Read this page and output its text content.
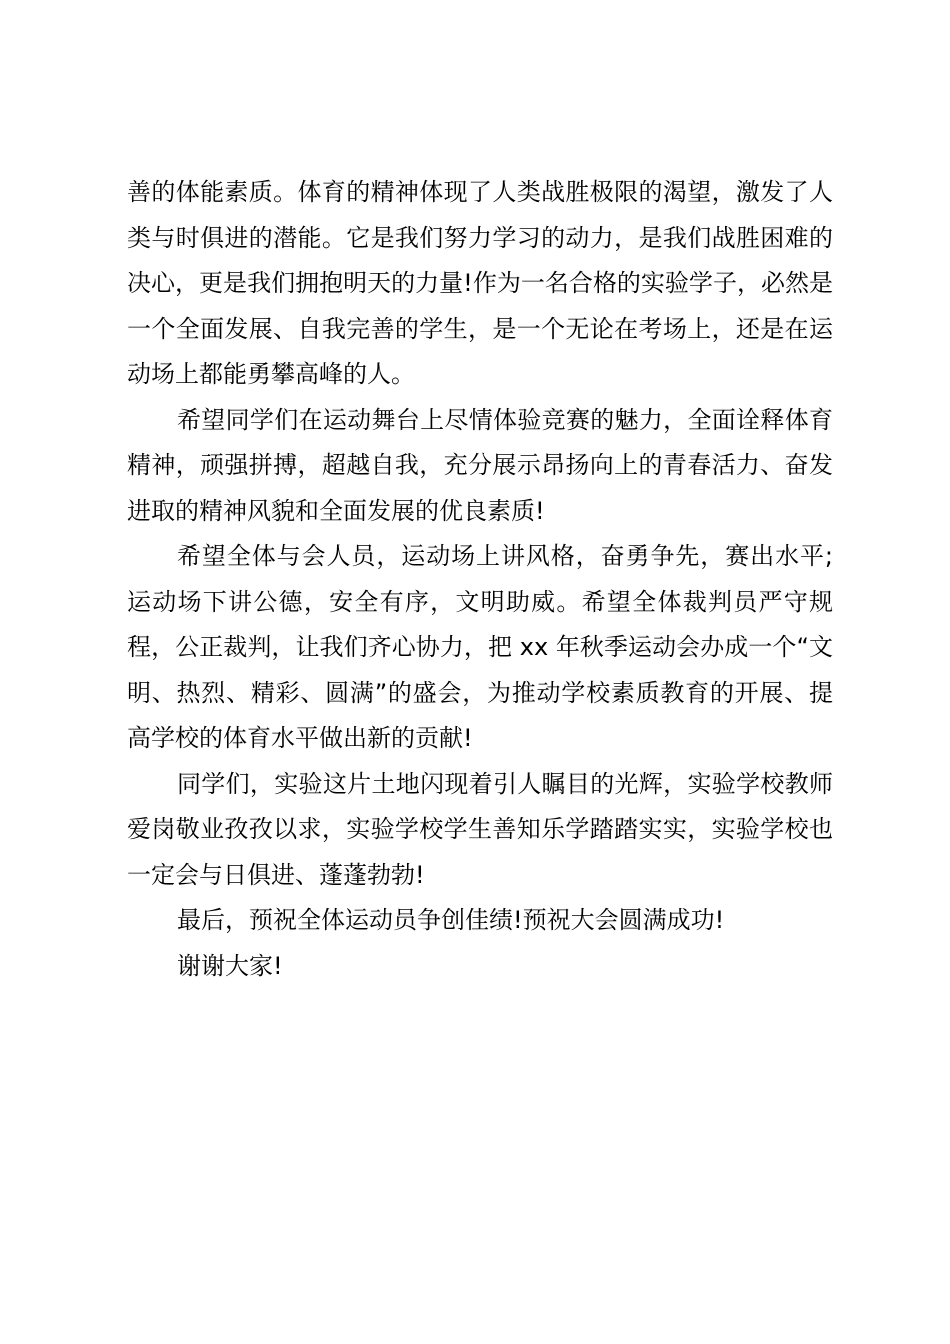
善的体能素质。体育的精神体现了人类战胜极限的渴望，激发了人类与时俱进的潜能。它是我们努力学习的动力，是我们战胜困难的决心，更是我们拥抱明天的力量!作为一名合格的实验学子，必然是一个全面发展、自我完善的学生，是一个无论在考场上，还是在运动场上都能勇攀高峰的人。

希望同学们在运动舞台上尽情体验竞赛的魅力，全面诠释体育精神，顽强拼搏，超越自我，充分展示昂扬向上的青春活力、奋发进取的精神风貌和全面发展的优良素质!

希望全体与会人员，运动场上讲风格，奋勇争先，赛出水平;运动场下讲公德，安全有序，文明助威。希望全体裁判员严守规程，公正裁判，让我们齐心协力，把 xx 年秋季运动会办成一个“文明、热烈、精彩、圆满”的盛会，为推动学校素质教育的开展、提高学校的体育水平做出新的贡献!

同学们，实验这片土地闪现着引人瞩目的光辉，实验学校教师爱岗敬业孜孜以求，实验学校学生善知乐学踏踏实实，实验学校也一定会与日俱进、蓬蓬勃勃!

最后，预祝全体运动员争创佳绩!预祝大会圆满成功!

谢谢大家!
